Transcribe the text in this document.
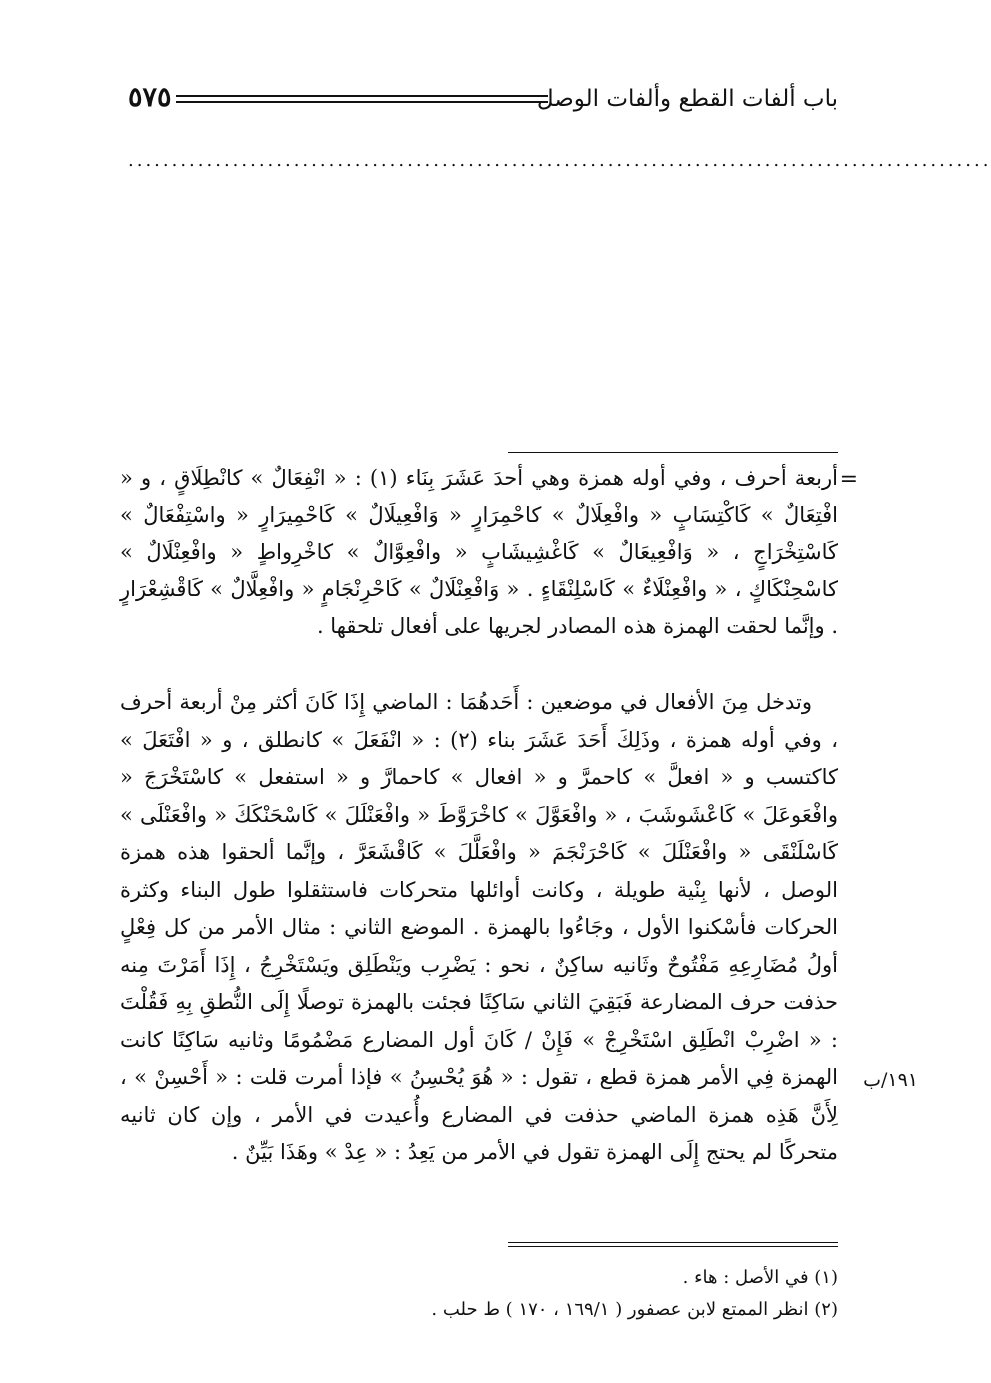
باب ألفات القطع وألفات الوصل
٥٧٥
...................................................................................................
=

أربعة أحرف ، وفي أوله همزة وهي أحدَ عَشَرَ بِنَاء (١) : « انْفِعَالٌ » كانْطِلَاقٍ ، و « افْتِعَالٌ » كَاكْتِسَابٍ « وافْعِلَالٌ » كاحْمِرَارٍ « وَافْعِيلَالٌ » كَاحْمِيرَارٍ « واسْتِفْعَالٌ » كَاسْتِخْرَاجٍ ، « وَافْعِيعَالٌ » كَاغْشِيشَابٍ « وافْعِوَّالٌ » كاخْرِواطٍ « وافْعِنْلَالٌ » كاسْحِنْكَاكٍ ، « وافْعِنْلَاءٌ » كَاسْلِنْقَاءٍ . « وَافْعِنْلَالٌ » كَاحْرِنْجَامٍ « وافْعِلَّالٌ » كَاقْشِعْرَارٍ . وإنَّما لحقت الهمزة هذه المصادر لجريها على أفعال تلحقها .

وتدخل مِنَ الأفعال في موضعين : أَحَدهُمَا : الماضي إِذَا كَانَ أكثر مِنْ أربعة أحرف ، وفي أوله همزة ، وذَلِكَ أَحَدَ عَشَرَ بناء (٢) : « انْفَعَلَ » كانطلق ، و « افْتَعَلَ » كاكتسب و « افعلَّ » كاحمرَّ و « افعال » كاحمارَّ و « استفعل » كاسْتَخْرَجَ « وافْعَوعَلَ » كَاعْشَوشَبَ ، « وافْعَوَّلَ » كاخْرَوَّطَ « وافْعَنْلَلَ » كَاسْحَنْكَكَ « وافْعَنْلَى » كَاسْلَنْقَى « وافْعَنْلَلَ » كَاحْرَنْجَمَ « وافْعَلَّلَ » كَاقْشَعَرَّ ، وإنَّما ألحقوا هذه همزة الوصل ، لأنها بِنْية طويلة ، وكانت أوائلها متحركات فاستثقلوا طول البناء وكثرة الحركات فأسْكنوا الأول ، وجَاءُوا بالهمزة . الموضع الثاني : مثال الأمر من كل فِعْلٍ أولُ مُضَارِعِهِ مَفْتُوحٌ وثَانيه ساكِنٌ ، نحو : يَضْرِب ويَنْطَلِق ويَسْتَخْرِجُ ، إِذَا أَمَرْتَ مِنه حذفت حرف المضارعة فَبَقِيَ الثاني سَاكِنًا فجئت بالهمزة توصلًا إِلَى النُّطقِ بِهِ فَقُلْتَ : « اضْرِبْ انْطَلِق اسْتَخْرِجْ » فَإِنْ / كَانَ أول المضارع مَضْمُومًا وثانيه سَاكِنًا كانت الهمزة فِي الأمر همزة قطع ، تقول : « هُوَ يُحْسِنُ » فإذا أمرت قلت : « أَحْسِنْ » ، لِأَنَّ هَذِه همزة الماضي حذفت في المضارع وأُعيدت في الأمر ، وإن كان ثانيه متحركًا لم يحتج إِلَى الهمزة تقول في الأمر من يَعِدُ : « عِدْ » وهَذَا بَيِّنٌ .

١٩١/ب
(١) في الأصل : هاء .
(٢) انظر الممتع لابن عصفور ( ١٦٩/١ ، ١٧٠ ) ط حلب .
